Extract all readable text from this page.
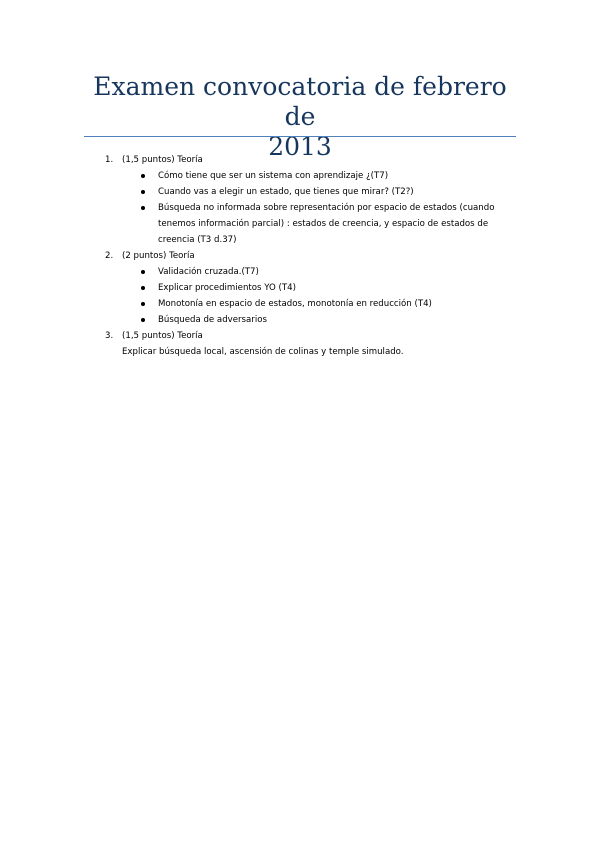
Examen convocatoria de febrero de
2013
1. (1,5 puntos) Teoría
Cómo tiene que ser un sistema con aprendizaje ¿(T7)
Cuando vas a elegir un estado, que tienes que mirar? (T2?)
Búsqueda no informada sobre representación por espacio de estados (cuando tenemos información parcial) : estados de creencia, y espacio de estados de creencia (T3 d.37)
2. (2 puntos) Teoría
Validación cruzada.(T7)
Explicar procedimientos YO (T4)
Monotonía en espacio de estados, monotonía en reducción (T4)
Búsqueda de adversarios
3. (1,5 puntos) Teoría
Explicar búsqueda local, ascensión de colinas y temple simulado.
